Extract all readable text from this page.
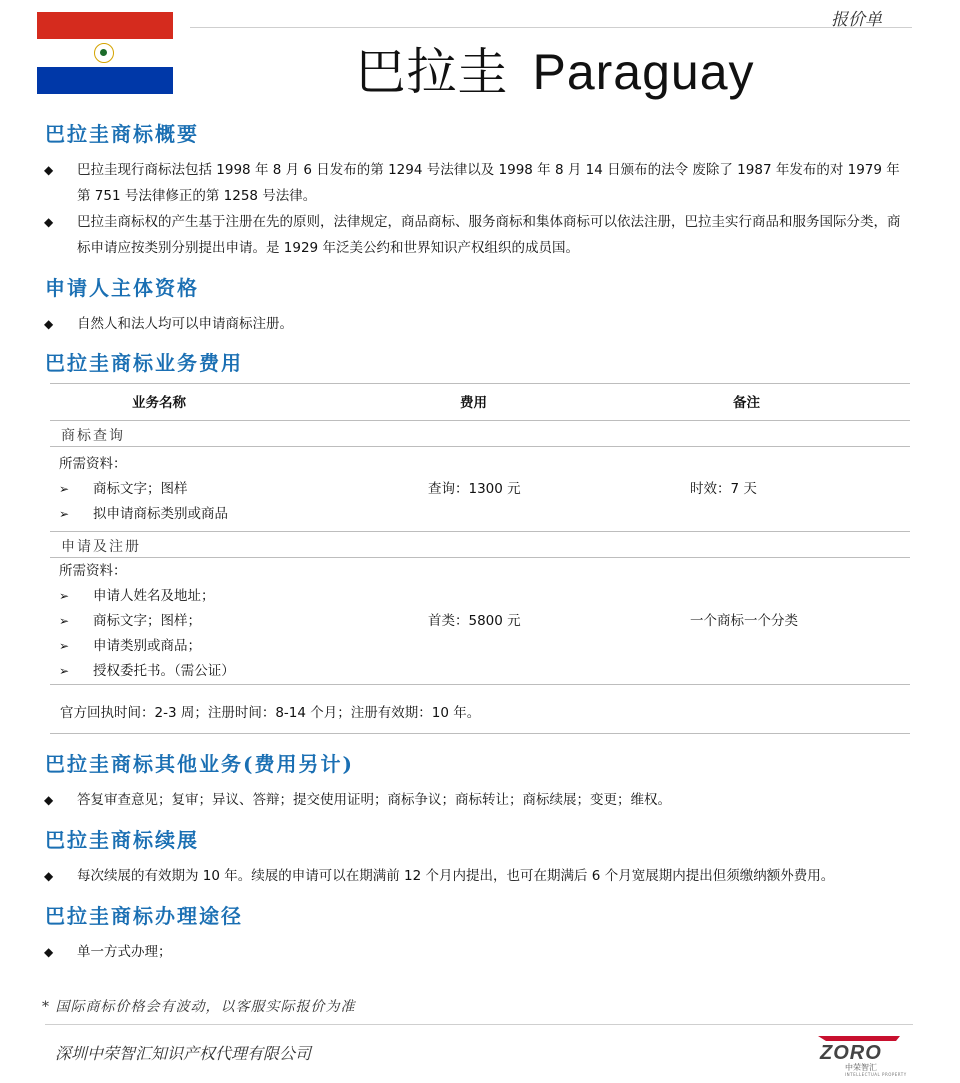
报价单
巴拉圭 Paraguay
巴拉圭商标概要
◆ 巴拉圭现行商标法包括 1998 年 8 月 6 日发布的第 1294 号法律以及 1998 年 8 月 14 日颁布的法令 废除了 1987 年发布的对 1979 年第 751 号法律修正的第 1258 号法律。
◆ 巴拉圭商标权的产生基于注册在先的原则，法律规定，商品商标、服务商标和集体商标可以依法注册，巴拉圭实行商品和服务国际分类，商标申请应按类别分别提出申请。是 1929 年泛美公约和世界知识产权组织的成员国。
申请人主体资格
◆ 自然人和法人均可以申请商标注册。
巴拉圭商标业务费用
业务名称	费用	备注
商标查询
所需资料：
➢ 商标文字；图样
➢ 拟申请商标类别或商品
查询：1300 元	时效：7 天
申请及注册
所需资料：
➢ 申请人姓名及地址；
➢ 商标文字；图样；
➢ 申请类别或商品；
➢ 授权委托书。（需公证）
首类：5800 元	一个商标一个分类
官方回执时间：2-3 周；注册时间：8-14 个月；注册有效期：10 年。
巴拉圭商标其他业务(费用另计)
◆ 答复审查意见；复审；异议、答辩；提交使用证明；商标争议；商标转让；商标续展；变更；维权。
巴拉圭商标续展
◆ 每次续展的有效期为 10 年。续展的申请可以在期满前 12 个月内提出，也可在期满后 6 个月宽展期内提出但须缴纳额外费用。
巴拉圭商标办理途径
◆ 单一方式办理；
* 国际商标价格会有波动，以客服实际报价为准
深圳中荣智汇知识产权代理有限公司	ZORO
中荣智汇
INTELLECTUAL PROPERTY
